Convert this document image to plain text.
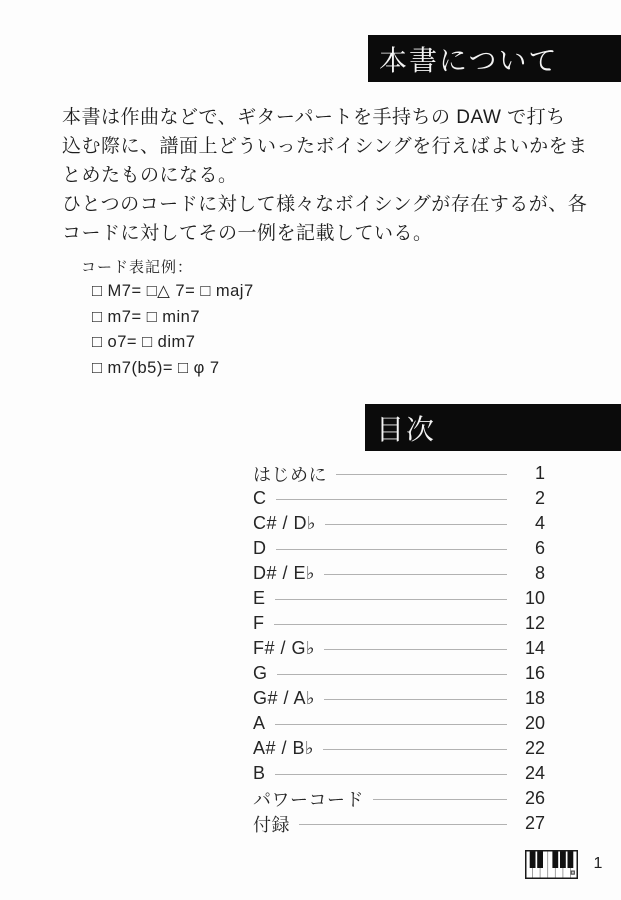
本書について
本書は作曲などで、ギターパートを手持ちの DAW で打ち
込む際に、譜面上どういったボイシングを行えばよいかをま
とめたものになる。
ひとつのコードに対して様々なボイシングが存在するが、各
コードに対してその一例を記載している。
コード表記例：
□ M7= □△ 7= □ maj7
□ m7= □ min7
□ o7= □ dim7
□ m7(b5)= □ φ 7
目次
はじめに	1
C	2
C# / D♭	4
D	6
D# / E♭	8
E	10
F	12
F# / G♭	14
G	16
G# / A♭	18
A	20
A# / B♭	22
B	24
パワーコード	26
付録	27
1
